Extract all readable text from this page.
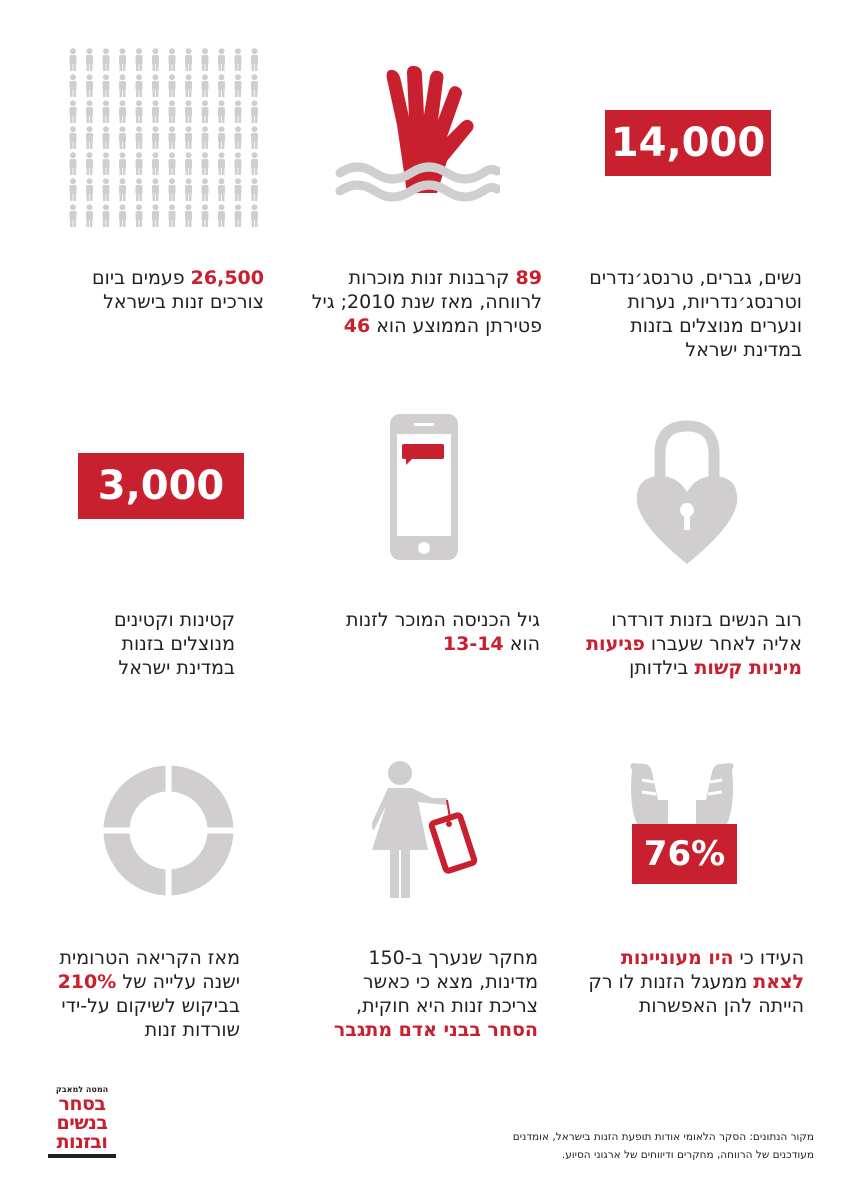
14,000
26,500 פעמים ביום
צורכים זנות בישראל
89 קרבנות זנות מוכרות
לרווחה, מאז שנת 2010; גיל
פטירתן הממוצע הוא 46
נשים, גברים, טרנסג׳נדרים
וטרנסג׳נדריות, נערות
ונערים מנוצלים בזנות
במדינת ישראל
3,000
קטינות וקטינים
מנוצלים בזנות
במדינת ישראל
גיל הכניסה המוכר לזנות
הוא 13-14
רוב הנשים בזנות דורדרו
אליה לאחר שעברו פגיעות
מיניות קשות בילדותן
76%
מאז הקריאה הטרומית
ישנה עלייה של 210%
בביקוש לשיקום על-ידי
שורדות זנות
מחקר שנערך ב-150
מדינות, מצא כי כאשר
צריכת זנות היא חוקית,
הסחר בבני אדם מתגבר
העידו כי היו מעוניינות
לצאת ממעגל הזנות לו רק
הייתה להן האפשרות
המטה למאבק
בסחר
בנשים
ובזנות	מקור הנתונים: הסקר הלאומי אודות תופעת הזנות בישראל, אומדנים
מעודכנים של הרווחה, מחקרים ודיווחים של ארגוני הסיוע.
